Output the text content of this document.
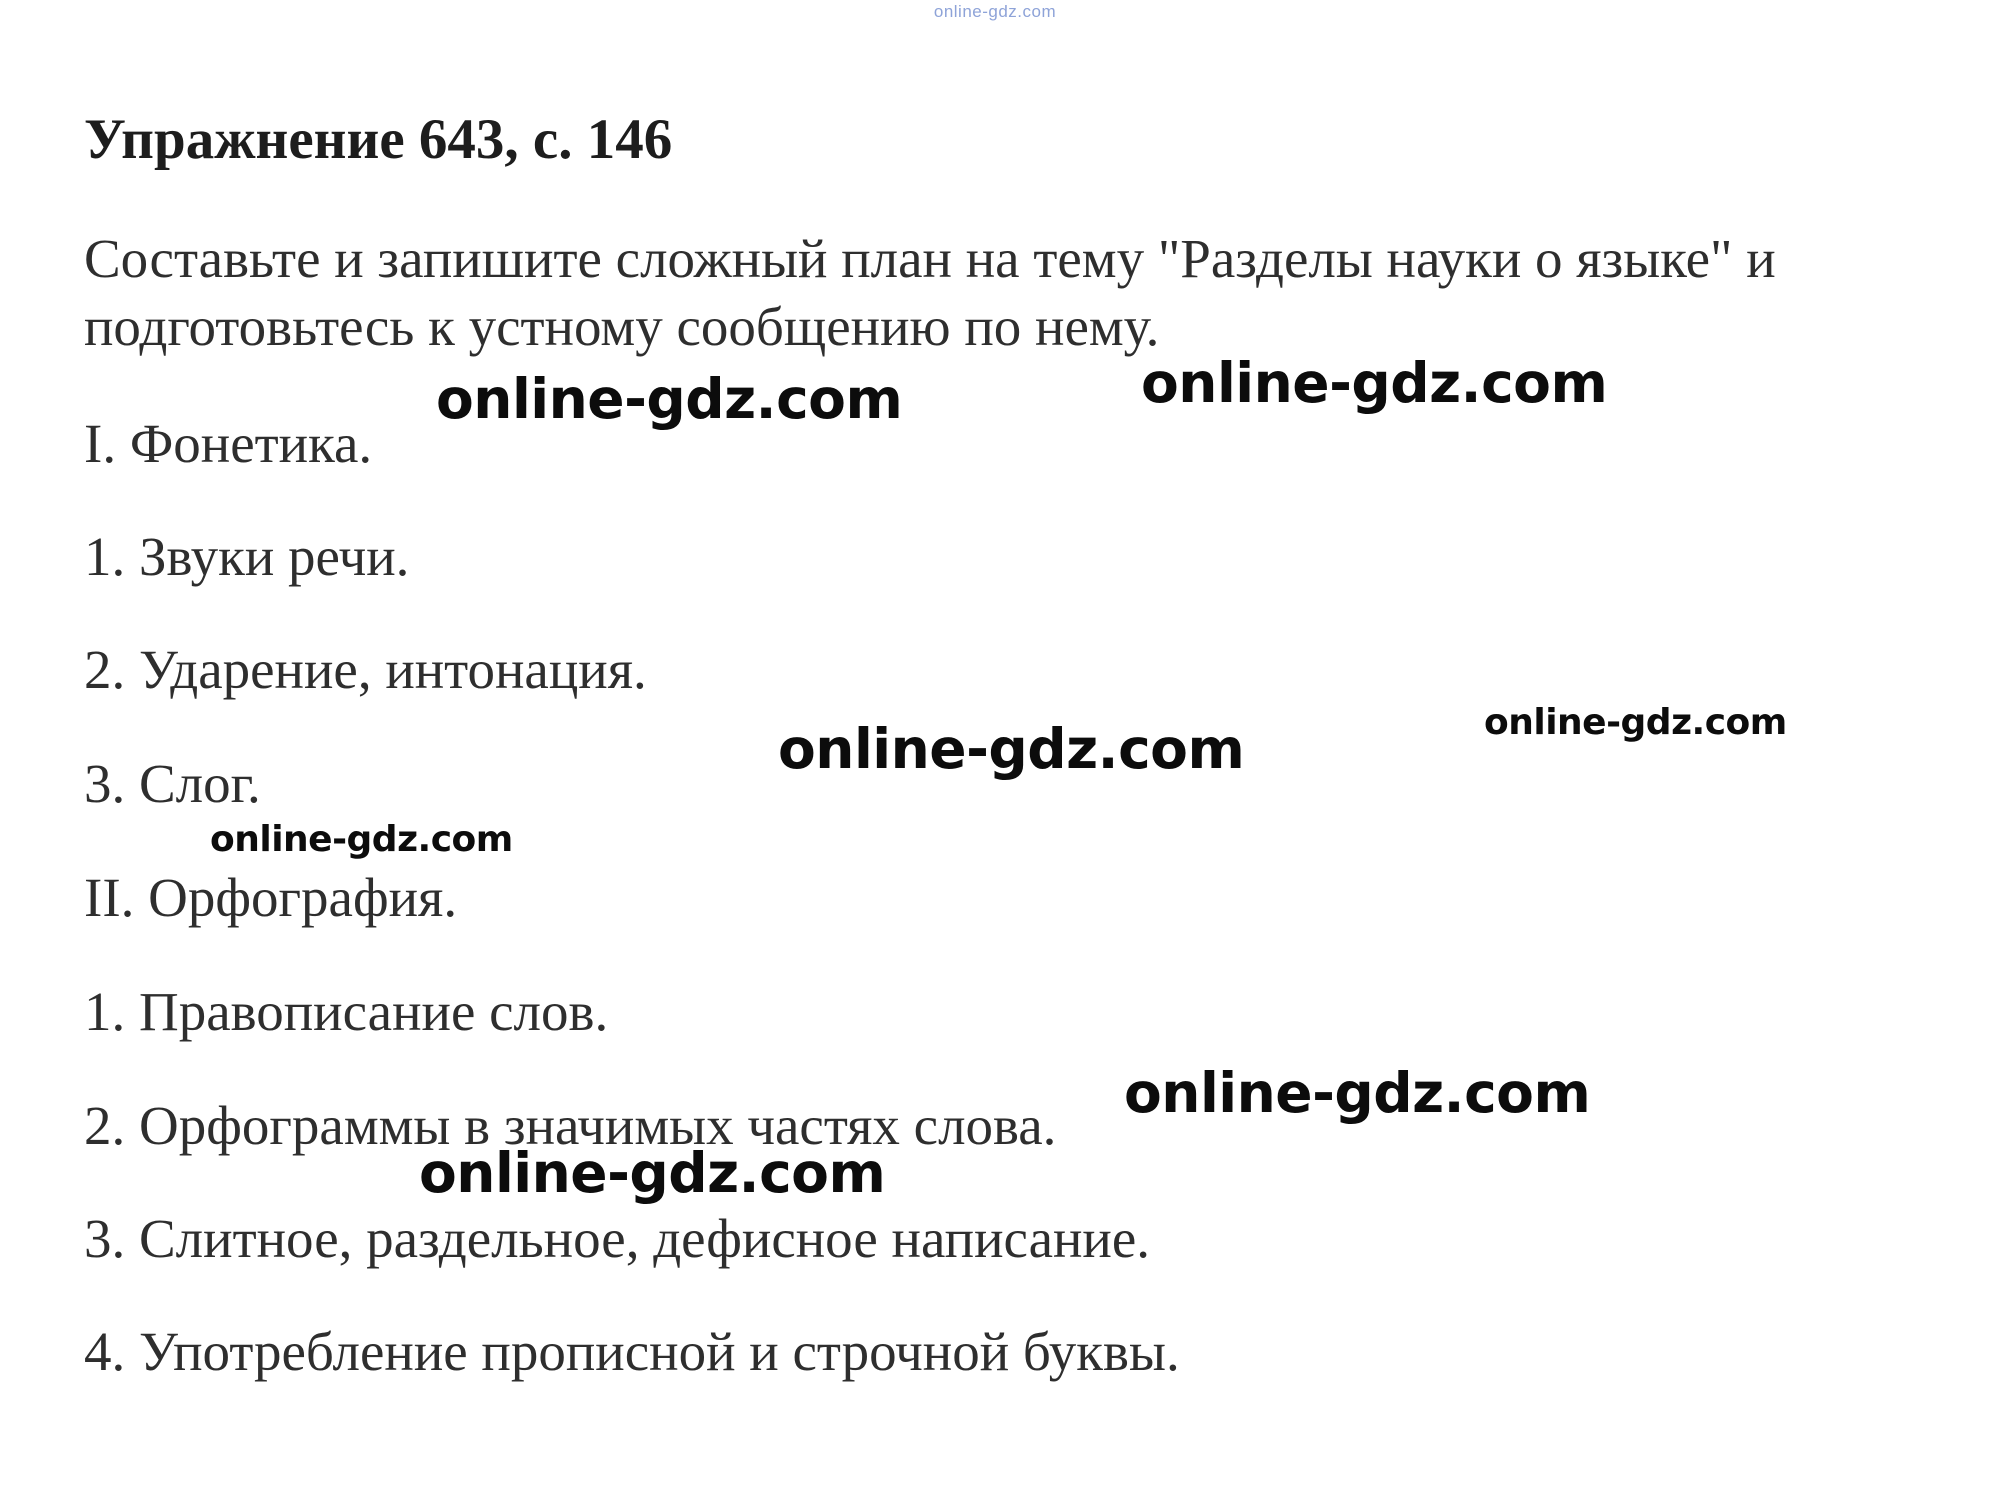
online-gdz.com
Упражнение 643, с. 146

Составьте и запишите сложный план на тему "Разделы науки о языке" и подготовьтесь к устному сообщению по нему.

I. Фонетика.

1. Звуки речи.

2. Ударение, интонация.

3. Слог.

II. Орфография.

1. Правописание слов.

2. Орфограммы в значимых частях слова.

3. Слитное, раздельное, дефисное написание.

4. Употребление прописной и строчной буквы.

online-gdz.com	online-gdz.com
online-gdz.com
online-gdz.com
online-gdz.com
online-gdz.com
online-gdz.com
